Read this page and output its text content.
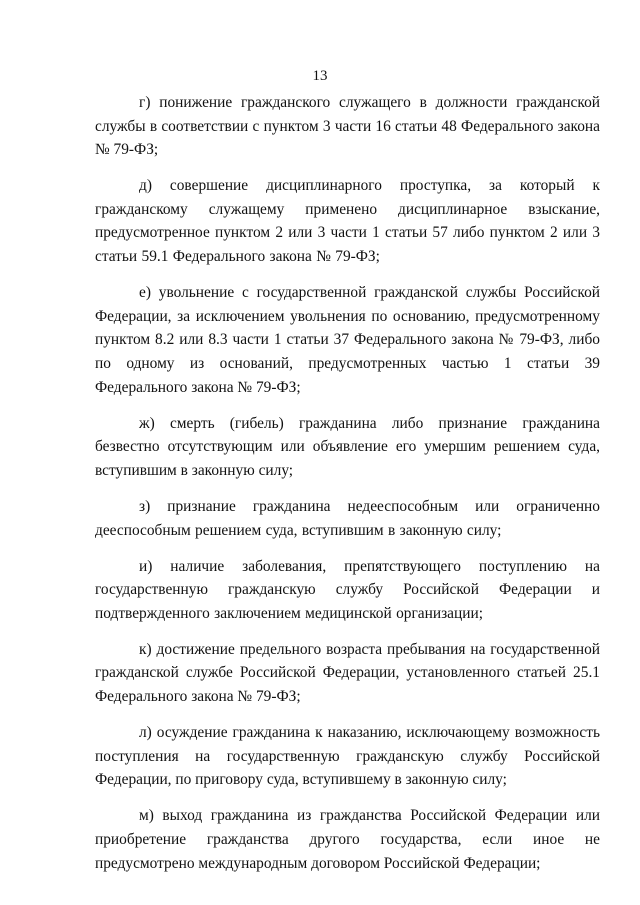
13

г) понижение гражданского служащего в должности гражданской службы в соответствии с пунктом 3 части 16 статьи 48 Федерального закона № 79-ФЗ;

д) совершение дисциплинарного проступка, за который к гражданскому служащему применено дисциплинарное взыскание, предусмотренное пунктом 2 или 3 части 1 статьи 57 либо пунктом 2 или 3 статьи 59.1 Федерального закона № 79-ФЗ;

е) увольнение с государственной гражданской службы Российской Федерации, за исключением увольнения по основанию, предусмотренному пунктом 8.2 или 8.3 части 1 статьи 37 Федерального закона № 79-ФЗ, либо по одному из оснований, предусмотренных частью 1 статьи 39 Федерального закона № 79-ФЗ;

ж) смерть (гибель) гражданина либо признание гражданина безвестно отсутствующим или объявление его умершим решением суда, вступившим в законную силу;

з) признание гражданина недееспособным или ограниченно дееспособным решением суда, вступившим в законную силу;

и) наличие заболевания, препятствующего поступлению на государственную гражданскую службу Российской Федерации и подтвержденного заключением медицинской организации;

к) достижение предельного возраста пребывания на государственной гражданской службе Российской Федерации, установленного статьей 25.1 Федерального закона № 79-ФЗ;

л) осуждение гражданина к наказанию, исключающему возможность поступления на государственную гражданскую службу Российской Федерации, по приговору суда, вступившему в законную силу;

м) выход гражданина из гражданства Российской Федерации или приобретение гражданства другого государства, если иное не предусмотрено международным договором Российской Федерации;
